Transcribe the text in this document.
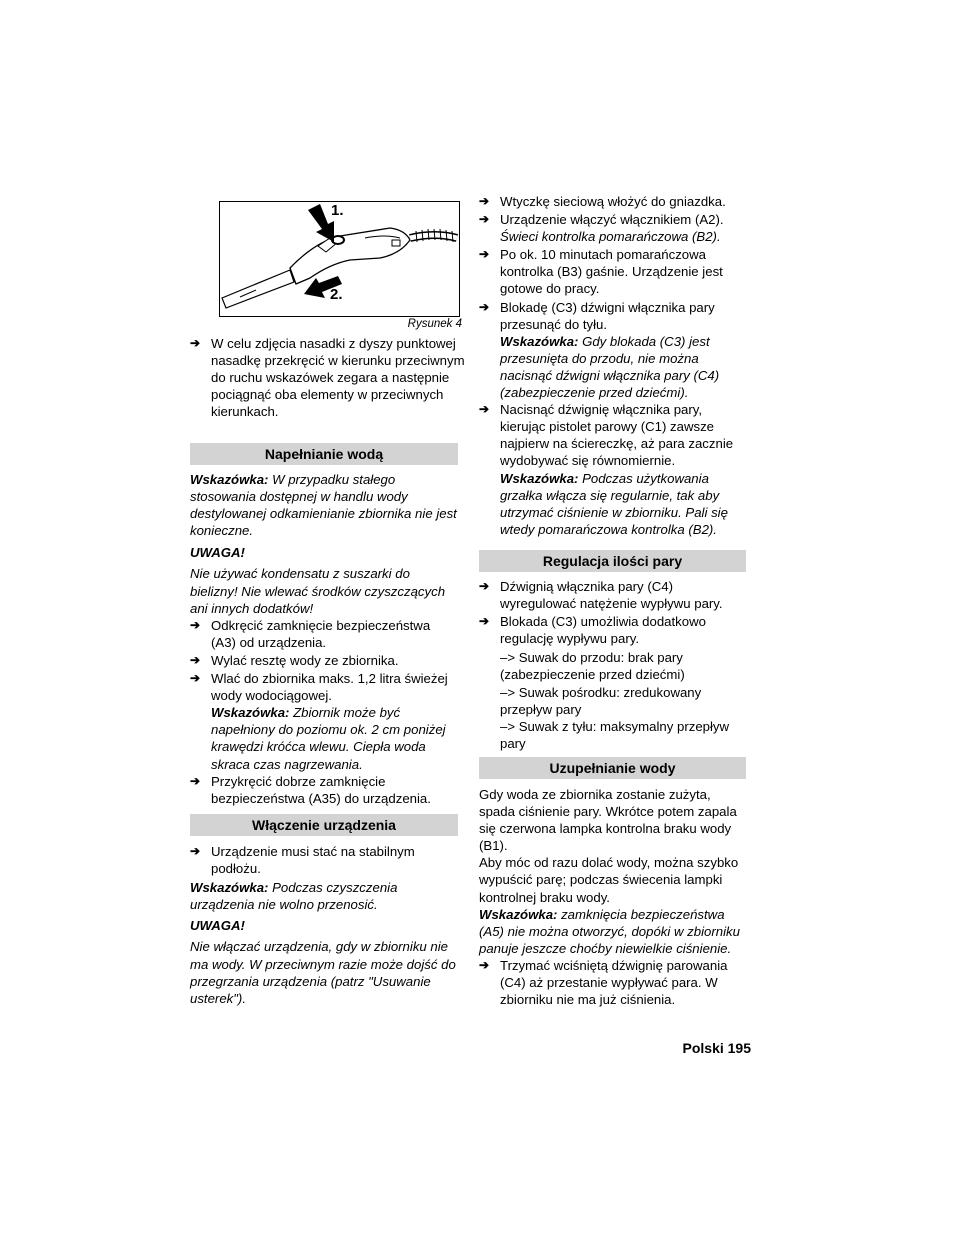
1.
2.
Rysunek 4
➔ W celu zdjęcia nasadki z dyszy punktowej nasadkę przekręcić w kierunku przeciwnym do ruchu wskazówek zegara a następnie pociągnąć oba elementy w przeciwnych kierunkach.
Napełnianie wodą

Wskazówka: W przypadku stałego stosowania dostępnej w handlu wody destylowanej odkamienianie zbiornika nie jest konieczne.

UWAGA!

Nie używać kondensatu z suszarki do bielizny! Nie wlewać środków czyszczących ani innych dodatków!

➔ Odkręcić zamknięcie bezpieczeństwa (A3) od urządzenia.
➔ Wylać resztę wody ze zbiornika.
➔ Wlać do zbiornika maks. 1,2 litra świeżej wody wodociągowej.

Wskazówka: Zbiornik może być napełniony do poziomu ok. 2 cm poniżej krawędzi króćca wlewu. Ciepła woda skraca czas nagrzewania.

➔ Przykręcić dobrze zamknięcie bezpieczeństwa (A35) do urządzenia.
Włączenie urządzenia
➔ Urządzenie musi stać na stabilnym podłożu.

Wskazówka: Podczas czyszczenia urządzenia nie wolno przenosić.

UWAGA!

Nie włączać urządzenia, gdy w zbiorniku nie ma wody. W przeciwnym razie może dojść do przegrzania urządzenia (patrz "Usuwanie usterek").

➔ Wtyczkę sieciową włożyć do gniazdka.
➔ Urządzenie włączyć włącznikiem (A2).

Świeci kontrolka pomarańczowa (B2).

➔ Po ok. 10 minutach pomarańczowa kontrolka (B3) gaśnie. Urządzenie jest gotowe do pracy.
➔ Blokadę (C3) dźwigni włącznika pary przesunąć do tyłu.

Wskazówka: Gdy blokada (C3) jest przesunięta do przodu, nie można nacisnąć dźwigni włącznika pary (C4) (zabezpieczenie przed dziećmi).

➔ Nacisnąć dźwignię włącznika pary, kierując pistolet parowy (C1) zawsze najpierw na ściereczkę, aż para zacznie wydobywać się równomiernie.

Wskazówka: Podczas użytkowania grzałka włącza się regularnie, tak aby utrzymać ciśnienie w zbiorniku. Pali się wtedy pomarańczowa kontrolka (B2).

Regulacja ilości pary
➔ Dźwignią włącznika pary (C4) wyregulować natężenie wypływu pary.
➔ Blokada (C3) umożliwia dodatkowo regulację wypływu pary.

–> Suwak do przodu: brak pary (zabezpieczenie przed dziećmi)

–> Suwak pośrodku: zredukowany przepływ pary

–> Suwak z tyłu: maksymalny przepływ pary

Uzupełnianie wody

Gdy woda ze zbiornika zostanie zużyta, spada ciśnienie pary. Wkrótce potem zapala się czerwona lampka kontrolna braku wody (B1).

Aby móc od razu dolać wody, można szybko wypuścić parę; podczas świecenia lampki kontrolnej braku wody.

Wskazówka: zamknięcia bezpieczeństwa (A5) nie można otworzyć, dopóki w zbiorniku panuje jeszcze choćby niewielkie ciśnienie.

➔ Trzymać wciśniętą dźwignię parowania (C4) aż przestanie wypływać para. W zbiorniku nie ma już ciśnienia.
Polski 195
